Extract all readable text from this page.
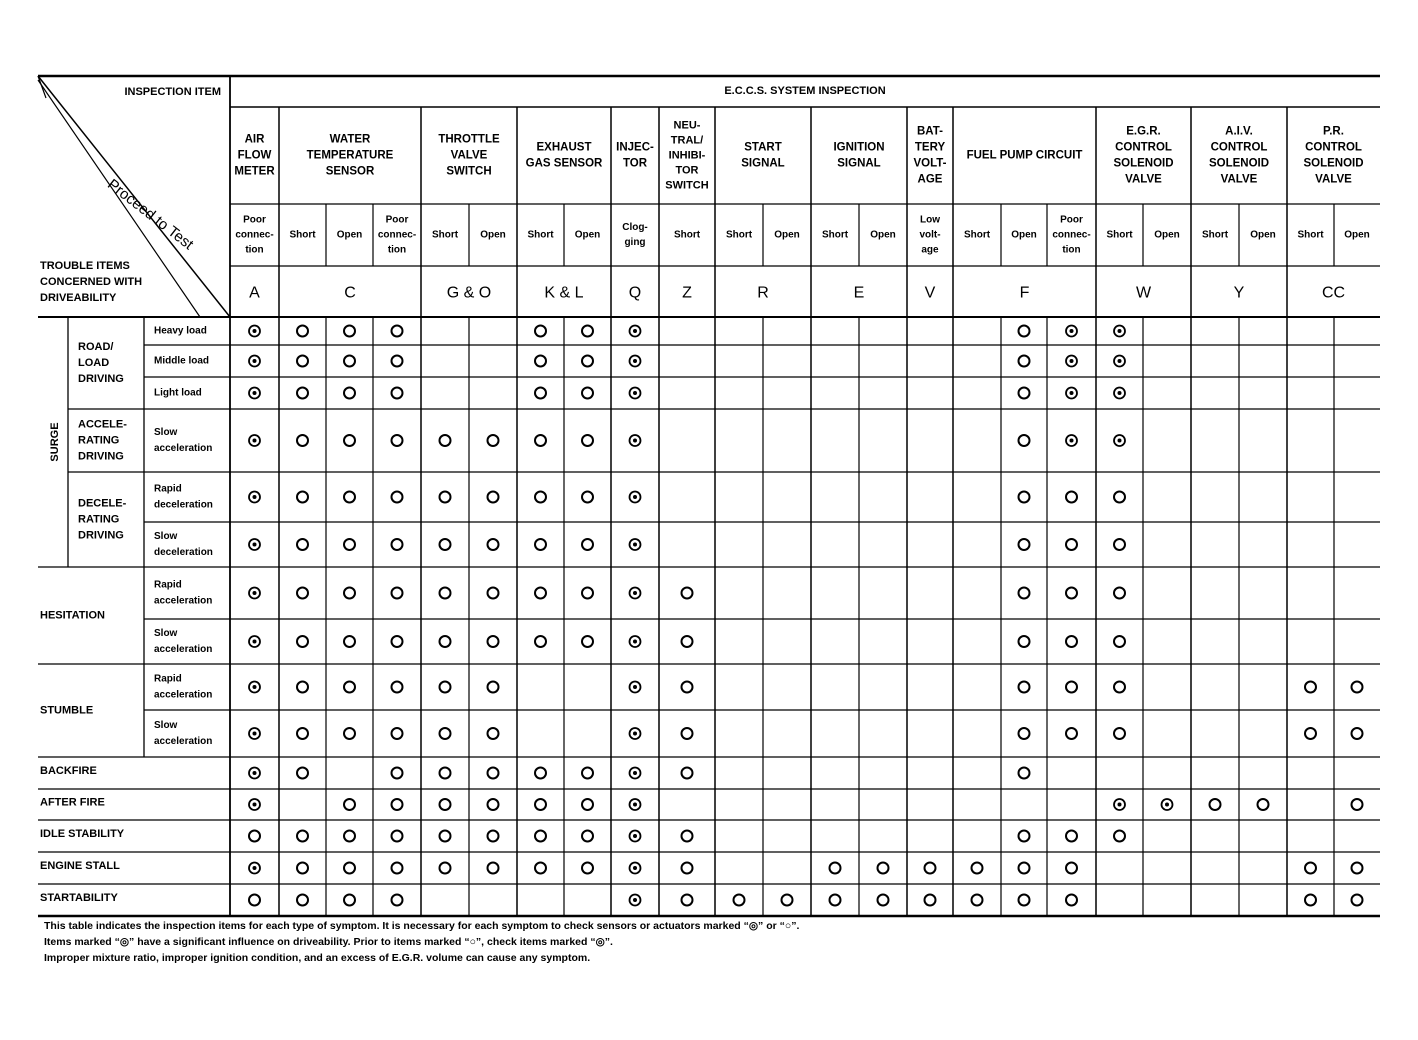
INSPECTION ITEM
Proceed to Test
TROUBLE ITEMS
CONCERNED WITH
DRIVEABILITY
E.C.C.S. SYSTEM INSPECTION
AIR
FLOW
METER
A
WATER
TEMPERATURE
SENSOR
C
THROTTLE
VALVE
SWITCH
G & O
EXHAUST
GAS SENSOR
K & L
INJEC-
TOR
Q
NEU-
TRAL/
INHIBI-
TOR
SWITCH
Z
START
SIGNAL
R
IGNITION
SIGNAL
E
BAT-
TERY
VOLT-
AGE
V
FUEL PUMP CIRCUIT
F
E.G.R.
CONTROL
SOLENOID
VALVE
W
A.I.V.
CONTROL
SOLENOID
VALVE
Y
P.R.
CONTROL
SOLENOID
VALVE
CC
Poor
connec-
tion
Short Open
Poor
connec-
tion
Short Open Short Open
Clog-
ging
Short	Short Open Short Open
Low
volt-
age
Short Open
Poor
connec-
tion
Short Open Short Open Short Open
SURGE
ROAD/
LOAD
DRIVING
ACCELE-
RATING
DRIVING
DECELE-
RATING
DRIVING
Heavy load
Middle load
Light load
Slow
acceleration
Rapid
deceleration
Slow
deceleration
HESITATION
Rapid
acceleration
Slow
acceleration
STUMBLE
Rapid
acceleration
Slow
acceleration
BACKFIRE
AFTER FIRE
IDLE STABILITY
ENGINE STALL
STARTABILITY
This table indicates the inspection items for each type of symptom. It is necessary for each symptom to check sensors or actuators marked “◎” or “○”.
Items marked “◎” have a significant influence on driveability. Prior to items marked “○”, check items marked “◎”.
Improper mixture ratio, improper ignition condition, and an excess of E.G.R. volume can cause any symptom.
